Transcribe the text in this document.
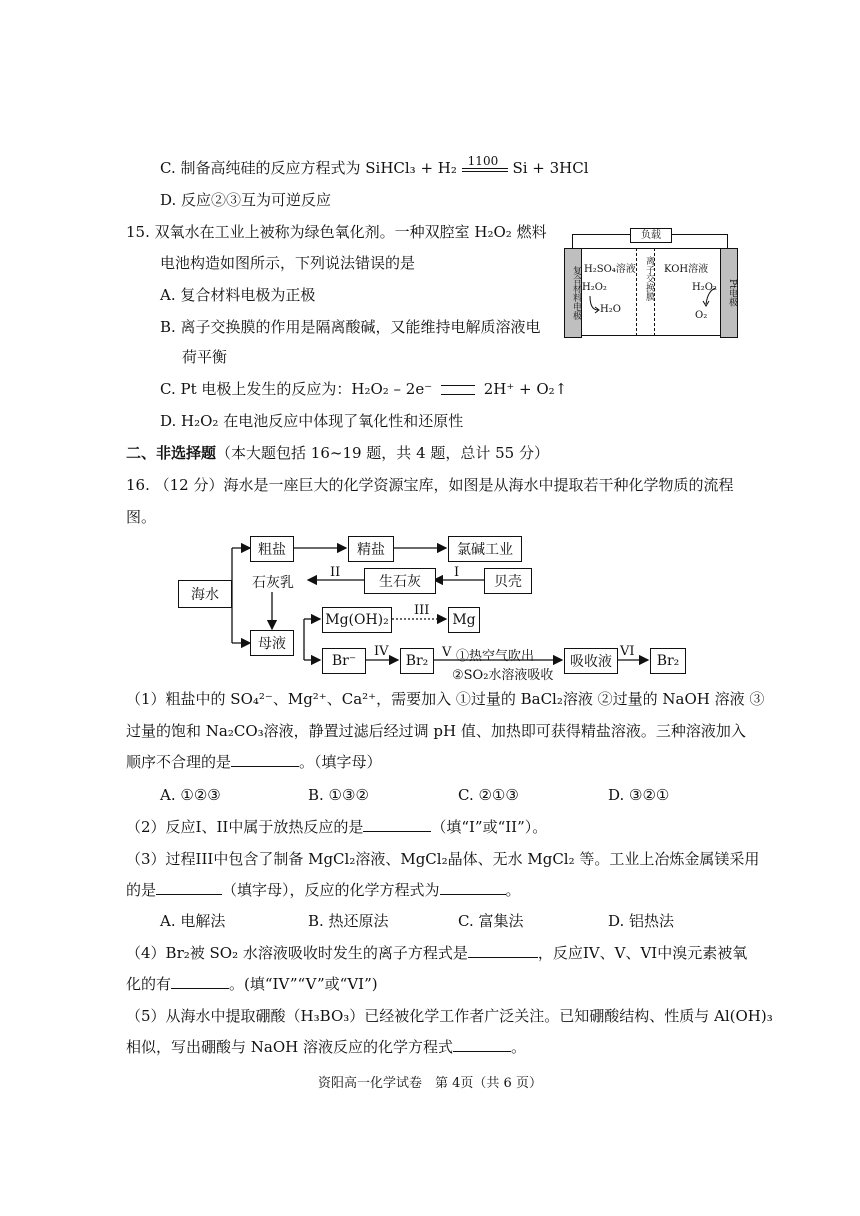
C. 制备高纯硅的反应方程式为 SiHCl₃ + H₂ 1100 Si + 3HCl
D. 反应②③互为可逆反应
15. 双氧水在工业上被称为绿色氧化剂。一种双腔室 H₂O₂ 燃料
电池构造如图所示，下列说法错误的是
A. 复合材料电极为正极
B. 离子交换膜的作用是隔离酸碱，又能维持电解质溶液电
荷平衡
C. Pt 电极上发生的反应为：H₂O₂ – 2e⁻	2H⁺ + O₂↑
D. H₂O₂ 在电池反应中体现了氧化性和还原性
负载
复合材料电极	Pt电极
离子交换膜
H₂SO₄溶液	KOH溶液
H₂O₂
H₂O
H₂O₂
O₂
二、非选择题（本大题包括 16~19 题，共 4 题，总计 55 分）
16. （12 分）海水是一座巨大的化学资源宝库，如图是从海水中提取若干种化学物质的流程
图。
海水
粗盐	精盐	氯碱工业
生石灰	贝壳
石灰乳
母液
Mg(OH)₂	Mg
Br⁻	Br₂	吸收液	Br₂
I
II
III
IV	V	VI
①热空气吹出
②SO₂水溶液吸收
（1）粗盐中的 SO₄²⁻、Mg²⁺、Ca²⁺，需要加入 ①过量的 BaCl₂溶液 ②过量的 NaOH 溶液 ③
过量的饱和 Na₂CO₃溶液，静置过滤后经过调 pH 值、加热即可获得精盐溶液。三种溶液加入
顺序不合理的是	。（填字母）
A. ①②③	B. ①③②	C. ②①③	D. ③②①
（2）反应I、II中属于放热反应的是	（填“I”或“II”）。
（3）过程III中包含了制备 MgCl₂溶液、MgCl₂晶体、无水 MgCl₂ 等。工业上冶炼金属镁采用
的是	（填字母），反应的化学方程式为	。
A. 电解法	B. 热还原法	C. 富集法	D. 铝热法
（4）Br₂被 SO₂ 水溶液吸收时发生的离子方程式是	，反应IV、V、VI中溴元素被氧
化的有	。(填“IV”“V”或“VI”)
（5）从海水中提取硼酸（H₃BO₃）已经被化学工作者广泛关注。已知硼酸结构、性质与 Al(OH)₃
相似，写出硼酸与 NaOH 溶液反应的化学方程式	。
资阳高一化学试卷　第 4页（共 6 页）
